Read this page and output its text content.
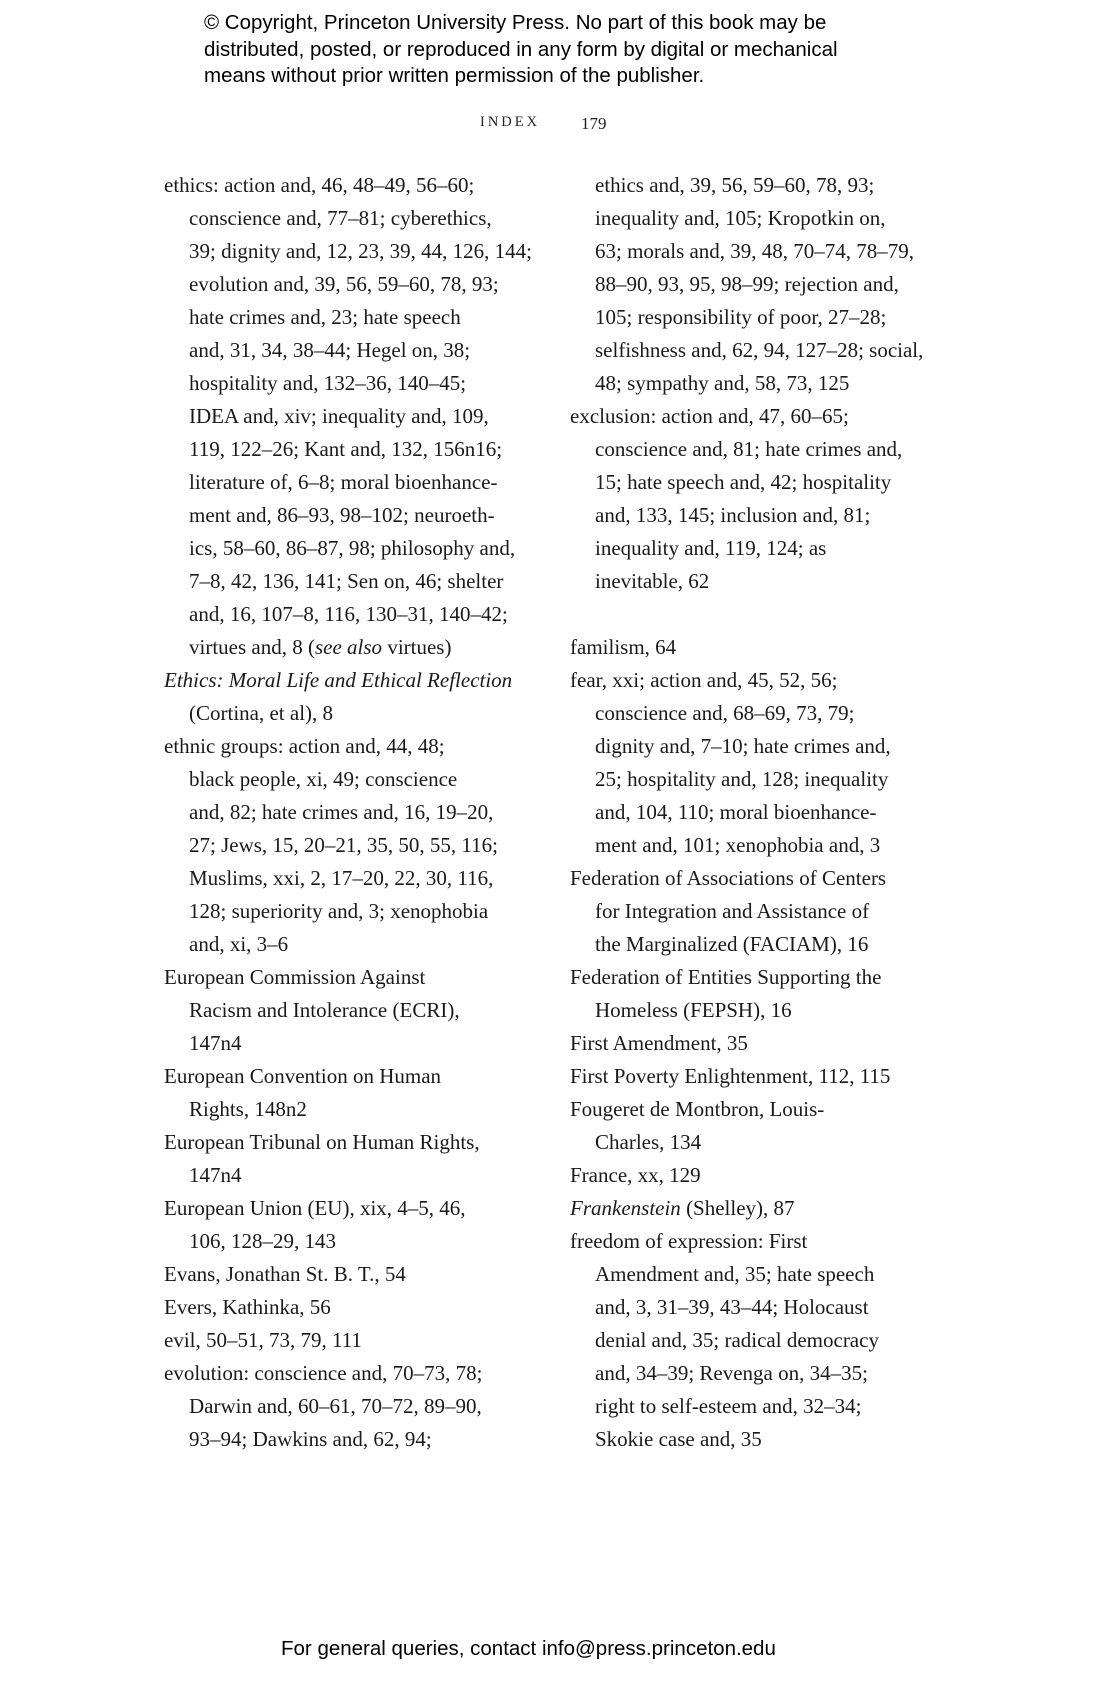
© Copyright, Princeton University Press. No part of this book may be
distributed, posted, or reproduced in any form by digital or mechanical
means without prior written permission of the publisher.
INDEX 179
ethics: action and, 46, 48–49, 56–60;
conscience and, 77–81; cyberethics,
39; dignity and, 12, 23, 39, 44, 126, 144;
evolution and, 39, 56, 59–60, 78, 93;
hate crimes and, 23; hate speech
and, 31, 34, 38–44; Hegel on, 38;
hospitality and, 132–36, 140–45;
IDEA and, xiv; inequality and, 109,
119, 122–26; Kant and, 132, 156n16;
literature of, 6–8; moral bioenhance-
ment and, 86–93, 98–102; neuroeth-
ics, 58–60, 86–87, 98; philosophy and,
7–8, 42, 136, 141; Sen on, 46; shelter
and, 16, 107–8, 116, 130–31, 140–42;
virtues and, 8 (see also virtues)
Ethics: Moral Life and Ethical Reflection
(Cortina, et al), 8
ethnic groups: action and, 44, 48;
black people, xi, 49; conscience
and, 82; hate crimes and, 16, 19–20,
27; Jews, 15, 20–21, 35, 50, 55, 116;
Muslims, xxi, 2, 17–20, 22, 30, 116,
128; superiority and, 3; xenophobia
and, xi, 3–6
European Commission Against
Racism and Intolerance (ECRI),
147n4
European Convention on Human
Rights, 148n2
European Tribunal on Human Rights,
147n4
European Union (EU), xix, 4–5, 46,
106, 128–29, 143
Evans, Jonathan St. B. T., 54
Evers, Kathinka, 56
evil, 50–51, 73, 79, 111
evolution: conscience and, 70–73, 78;
Darwin and, 60–61, 70–72, 89–90,
93–94; Dawkins and, 62, 94;
ethics and, 39, 56, 59–60, 78, 93;
inequality and, 105; Kropotkin on,
63; morals and, 39, 48, 70–74, 78–79,
88–90, 93, 95, 98–99; rejection and,
105; responsibility of poor, 27–28;
selfishness and, 62, 94, 127–28; social,
48; sympathy and, 58, 73, 125
exclusion: action and, 47, 60–65;
conscience and, 81; hate crimes and,
15; hate speech and, 42; hospitality
and, 133, 145; inclusion and, 81;
inequality and, 119, 124; as
inevitable, 62
familism, 64
fear, xxi; action and, 45, 52, 56;
conscience and, 68–69, 73, 79;
dignity and, 7–10; hate crimes and,
25; hospitality and, 128; inequality
and, 104, 110; moral bioenhance-
ment and, 101; xenophobia and, 3
Federation of Associations of Centers
for Integration and Assistance of
the Marginalized (FACIAM), 16
Federation of Entities Supporting the
Homeless (FEPSH), 16
First Amendment, 35
First Poverty Enlightenment, 112, 115
Fougeret de Montbron, Louis-
Charles, 134
France, xx, 129
Frankenstein (Shelley), 87
freedom of expression: First
Amendment and, 35; hate speech
and, 3, 31–39, 43–44; Holocaust
denial and, 35; radical democracy
and, 34–39; Revenga on, 34–35;
right to self-esteem and, 32–34;
Skokie case and, 35
For general queries, contact info@press.princeton.edu
